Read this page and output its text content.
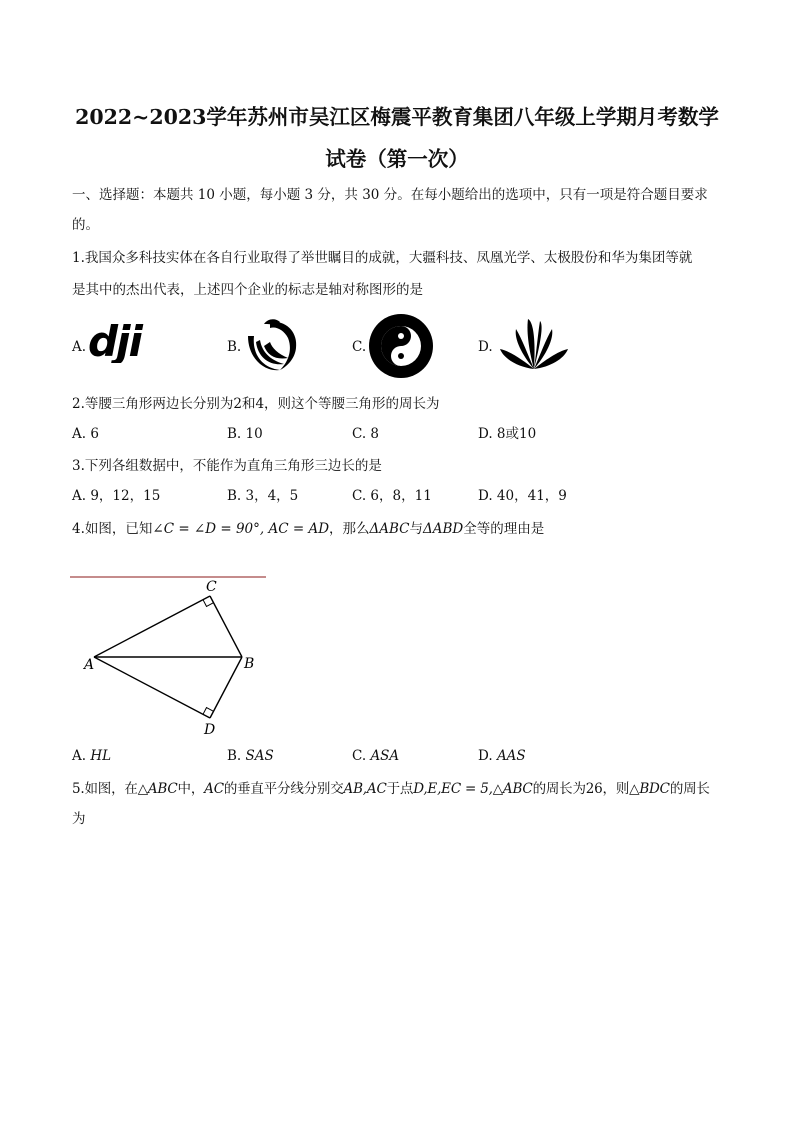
2022~2023学年苏州市吴江区梅震平教育集团八年级上学期月考数学
试卷（第一次）
一、选择题：本题共 10 小题，每小题 3 分，共 30 分。在每小题给出的选项中，只有一项是符合题目要求
的。
1.我国众多科技实体在各自行业取得了举世瞩目的成就，大疆科技、凤凰光学、太极股份和华为集团等就
是其中的杰出代表，上述四个企业的标志是轴对称图形的是
A. dji	B.	C.	D.
2.等腰三角形两边长分别为2和4，则这个等腰三角形的周长为
A. 6	B. 10	C. 8	D. 8或10
3.下列各组数据中，不能作为直角三角形三边长的是
A. 9，12，15	B. 3，4，5	C. 6，8，11	D. 40，41，9
4.如图，已知∠C = ∠D = 90°, AC = AD，那么ΔABC与ΔABD全等的理由是
C
A	B
D
A. HL	B. SAS	C. ASA	D. AAS
5.如图，在△ABC中，AC的垂直平分线分别交AB,AC于点D,E,EC = 5,△ABC的周长为26，则△BDC的周长
为
